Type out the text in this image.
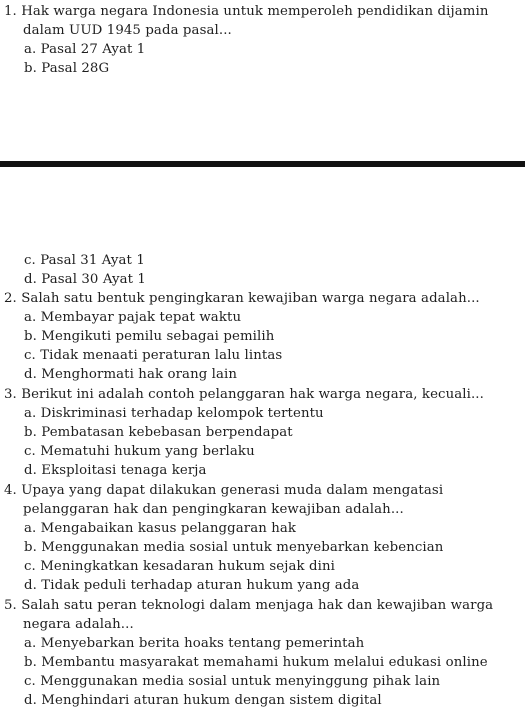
1. Hak warga negara Indonesia untuk memperoleh pendidikan dijamin
dalam UUD 1945 pada pasal...
a. Pasal 27 Ayat 1
b. Pasal 28G
c. Pasal 31 Ayat 1
d. Pasal 30 Ayat 1
2. Salah satu bentuk pengingkaran kewajiban warga negara adalah...
a. Membayar pajak tepat waktu
b. Mengikuti pemilu sebagai pemilih
c. Tidak menaati peraturan lalu lintas
d. Menghormati hak orang lain
3. Berikut ini adalah contoh pelanggaran hak warga negara, kecuali...
a. Diskriminasi terhadap kelompok tertentu
b. Pembatasan kebebasan berpendapat
c. Mematuhi hukum yang berlaku
d. Eksploitasi tenaga kerja
4. Upaya yang dapat dilakukan generasi muda dalam mengatasi
pelanggaran hak dan pengingkaran kewajiban adalah...
a. Mengabaikan kasus pelanggaran hak
b. Menggunakan media sosial untuk menyebarkan kebencian
c. Meningkatkan kesadaran hukum sejak dini
d. Tidak peduli terhadap aturan hukum yang ada
5. Salah satu peran teknologi dalam menjaga hak dan kewajiban warga
negara adalah...
a. Menyebarkan berita hoaks tentang pemerintah
b. Membantu masyarakat memahami hukum melalui edukasi online
c. Menggunakan media sosial untuk menyinggung pihak lain
d. Menghindari aturan hukum dengan sistem digital
